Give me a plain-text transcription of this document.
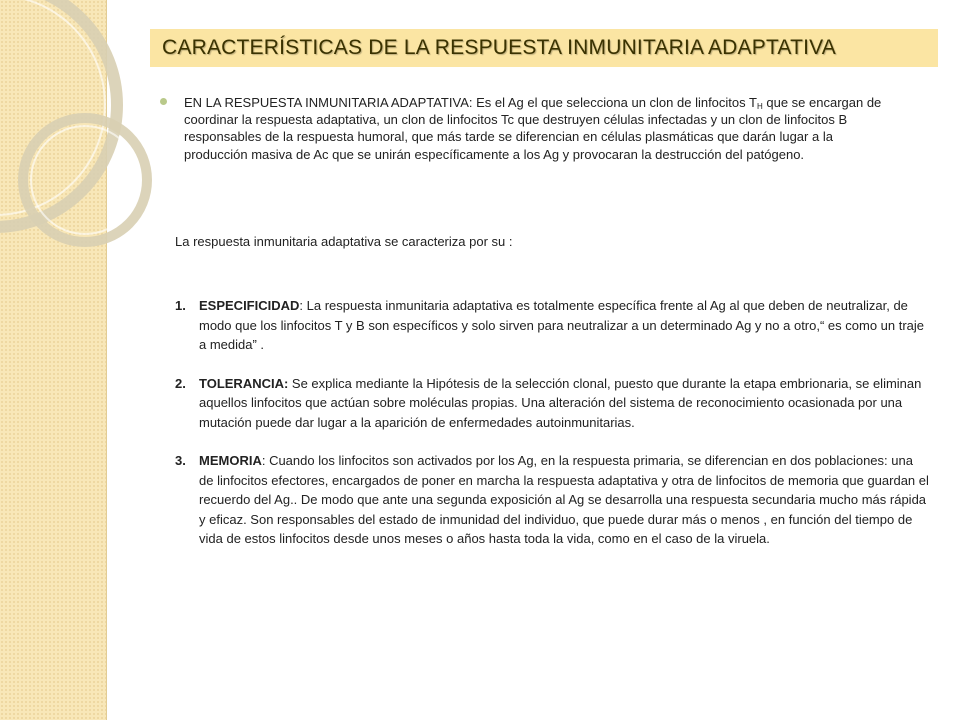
CARACTERÍSTICAS DE LA RESPUESTA INMUNITARIA ADAPTATIVA
EN LA RESPUESTA INMUNITARIA ADAPTATIVA: Es el Ag el que selecciona un clon de linfocitos $T_H$ que se encargan de coordinar la respuesta adaptativa, un clon de linfocitos Tc que destruyen células infectadas y un clon de linfocitos B responsables de la respuesta humoral, que más tarde se diferencian en células plasmáticas que darán lugar a la producción masiva de Ac que se unirán específicamente a los Ag y provocaran la destrucción del patógeno.
La respuesta inmunitaria adaptativa se caracteriza por su :
1. ESPECIFICIDAD: La respuesta inmunitaria adaptativa es totalmente específica frente al Ag al que deben de neutralizar, de modo que los linfocitos T y B son específicos y solo sirven para neutralizar a un determinado Ag y no a otro,“ es como un traje a medida” .
2. TOLERANCIA: Se explica mediante la Hipótesis de la selección clonal, puesto que durante la etapa embrionaria, se eliminan aquellos linfocitos que actúan sobre moléculas propias. Una alteración del sistema de reconocimiento ocasionada por una mutación puede dar lugar a la aparición de enfermedades autoinmunitarias.
3. MEMORIA: Cuando los linfocitos son activados por los Ag, en la respuesta primaria, se diferencian en dos poblaciones: una de linfocitos efectores, encargados de poner en marcha la respuesta adaptativa y otra de linfocitos de memoria que guardan el recuerdo del Ag.. De modo que ante una segunda exposición al Ag se desarrolla una respuesta secundaria mucho más rápida y eficaz. Son responsables del estado de inmunidad del individuo, que puede durar más o menos , en función del tiempo de vida de estos linfocitos desde unos meses o años hasta toda la vida, como en el caso de la viruela.
